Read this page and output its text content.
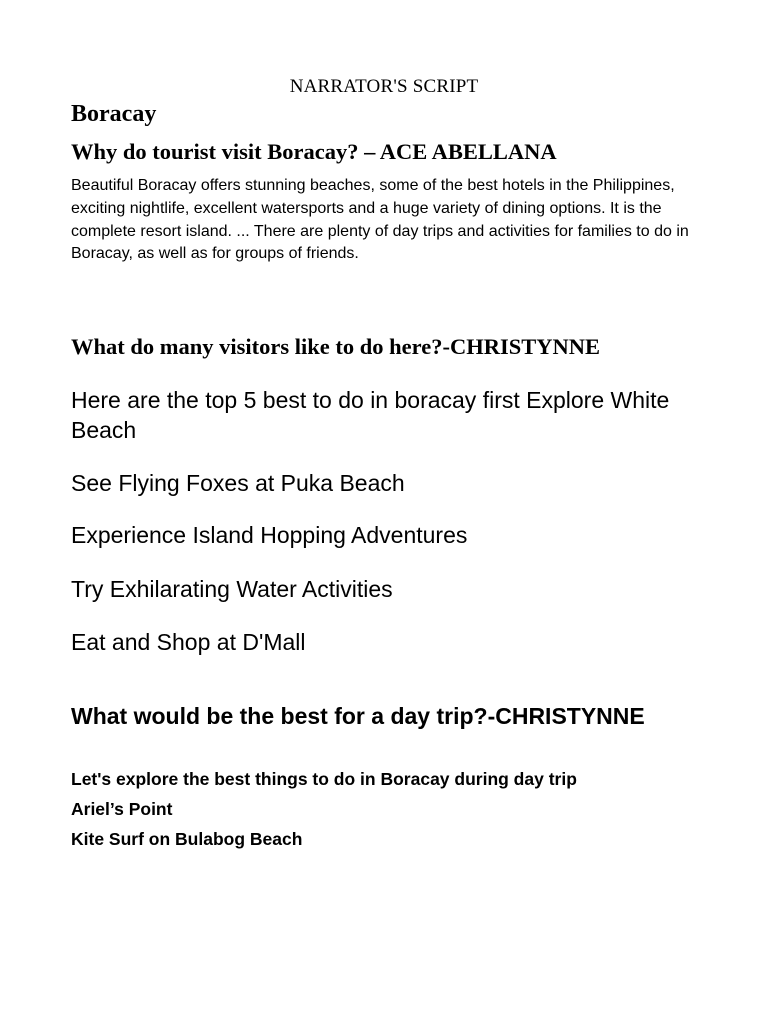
NARRATOR'S SCRIPT
Boracay
Why do tourist visit Boracay? – ACE ABELLANA
Beautiful Boracay offers stunning beaches, some of the best hotels in the Philippines, exciting nightlife, excellent watersports and a huge variety of dining options. It is the complete resort island. ... There are plenty of day trips and activities for families to do in Boracay, as well as for groups of friends.
What do many visitors like to do here?-CHRISTYNNE
Here are the top 5 best to do in boracay first Explore White Beach
See Flying Foxes at Puka Beach
Experience Island Hopping Adventures
Try Exhilarating Water Activities
Eat and Shop at D'Mall
What would be the best for a day trip?-CHRISTYNNE
Let's explore the best things to do in Boracay during day trip
Ariel’s Point
Kite Surf on Bulabog Beach
